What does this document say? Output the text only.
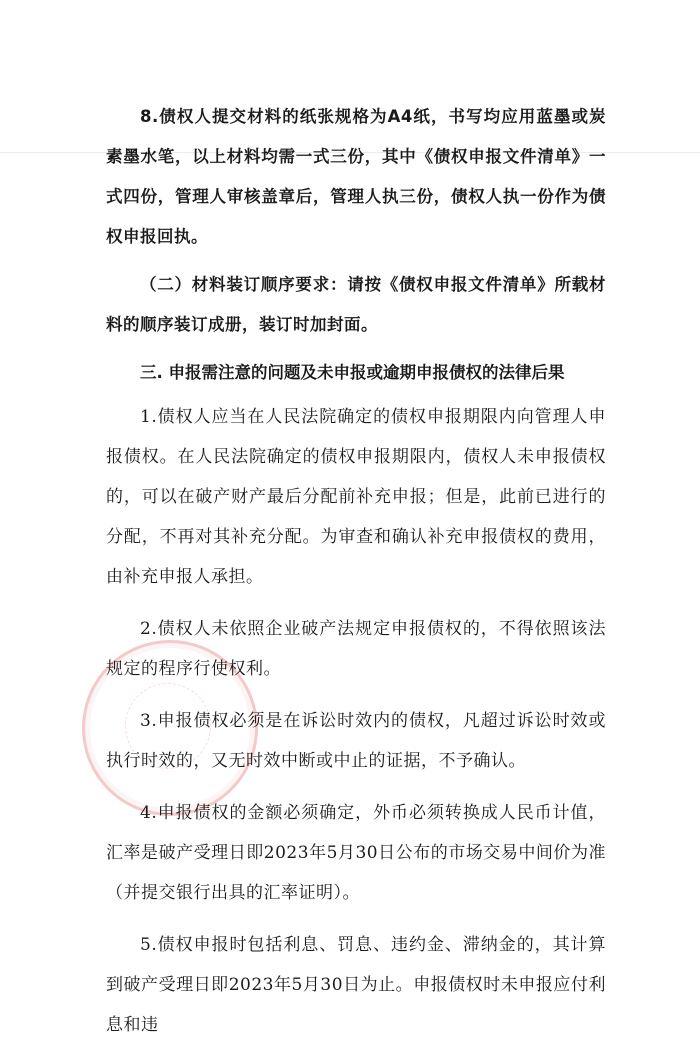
8.债权人提交材料的纸张规格为A4纸，书写均应用蓝墨或炭素墨水笔，以上材料均需一式三份，其中《债权申报文件清单》一式四份，管理人审核盖章后，管理人执三份，债权人执一份作为债权申报回执。

（二）材料装订顺序要求：请按《债权申报文件清单》所载材料的顺序装订成册，装订时加封面。

三. 申报需注意的问题及未申报或逾期申报债权的法律后果

1.债权人应当在人民法院确定的债权申报期限内向管理人申报债权。在人民法院确定的债权申报期限内，债权人未申报债权的，可以在破产财产最后分配前补充申报；但是，此前已进行的分配，不再对其补充分配。为审查和确认补充申报债权的费用，由补充申报人承担。

2.债权人未依照企业破产法规定申报债权的，不得依照该法规定的程序行使权利。

3.申报债权必须是在诉讼时效内的债权，凡超过诉讼时效或执行时效的，又无时效中断或中止的证据，不予确认。

4.申报债权的金额必须确定，外币必须转换成人民币计值，汇率是破产受理日即2023年5月30日公布的市场交易中间价为准（并提交银行出具的汇率证明）。

5.债权申报时包括利息、罚息、违约金、滞纳金的，其计算到破产受理日即2023年5月30日为止。申报债权时未申报应付利息和违
